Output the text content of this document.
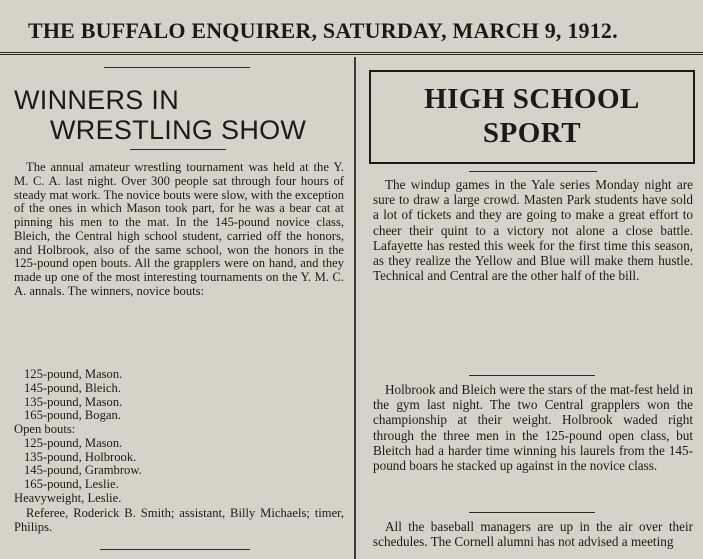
THE BUFFALO ENQUIRER, SATURDAY, MARCH 9, 1912.
WINNERS IN
WRESTLING SHOW

The annual amateur wrestling tournament was held at the Y. M. C. A. last night. Over 300 people sat through four hours of steady mat work. The novice bouts were slow, with the exception of the ones in which Mason took part, for he was a bear cat at pinning his men to the mat. In the 145-pound novice class, Bleich, the Central high school student, carried off the honors, and Holbrook, also of the same school, won the honors in the 125-pound open bouts. All the grapplers were on hand, and they made up one of the most interesting tournaments on the Y. M. C. A. annals. The winners, novice bouts:

125-pound, Mason.
145-pound, Bleich.
135-pound, Mason.
165-pound, Bogan.
Open bouts:
125-pound, Mason.
135-pound, Holbrook.
145-pound, Grambrow.
165-pound, Leslie.
Heavyweight, Leslie.

Referee, Roderick B. Smith; assistant, Billy Michaels; timer, Philips.

HIGH SCHOOL
SPORT

The windup games in the Yale series Monday night are sure to draw a large crowd. Masten Park students have sold a lot of tickets and they are going to make a great effort to cheer their quint to a victory not alone a close battle. Lafayette has rested this week for the first time this season, as they realize the Yellow and Blue will make them hustle. Technical and Central are the other half of the bill.

Holbrook and Bleich were the stars of the mat-fest held in the gym last night. The two Central grapplers won the championship at their weight. Holbrook waded right through the three men in the 125-pound open class, but Bleitch had a harder time winning his laurels from the 145-pound boars he stacked up against in the novice class.

All the baseball managers are up in the air over their schedules. The Cornell alumni has not advised a meeting
